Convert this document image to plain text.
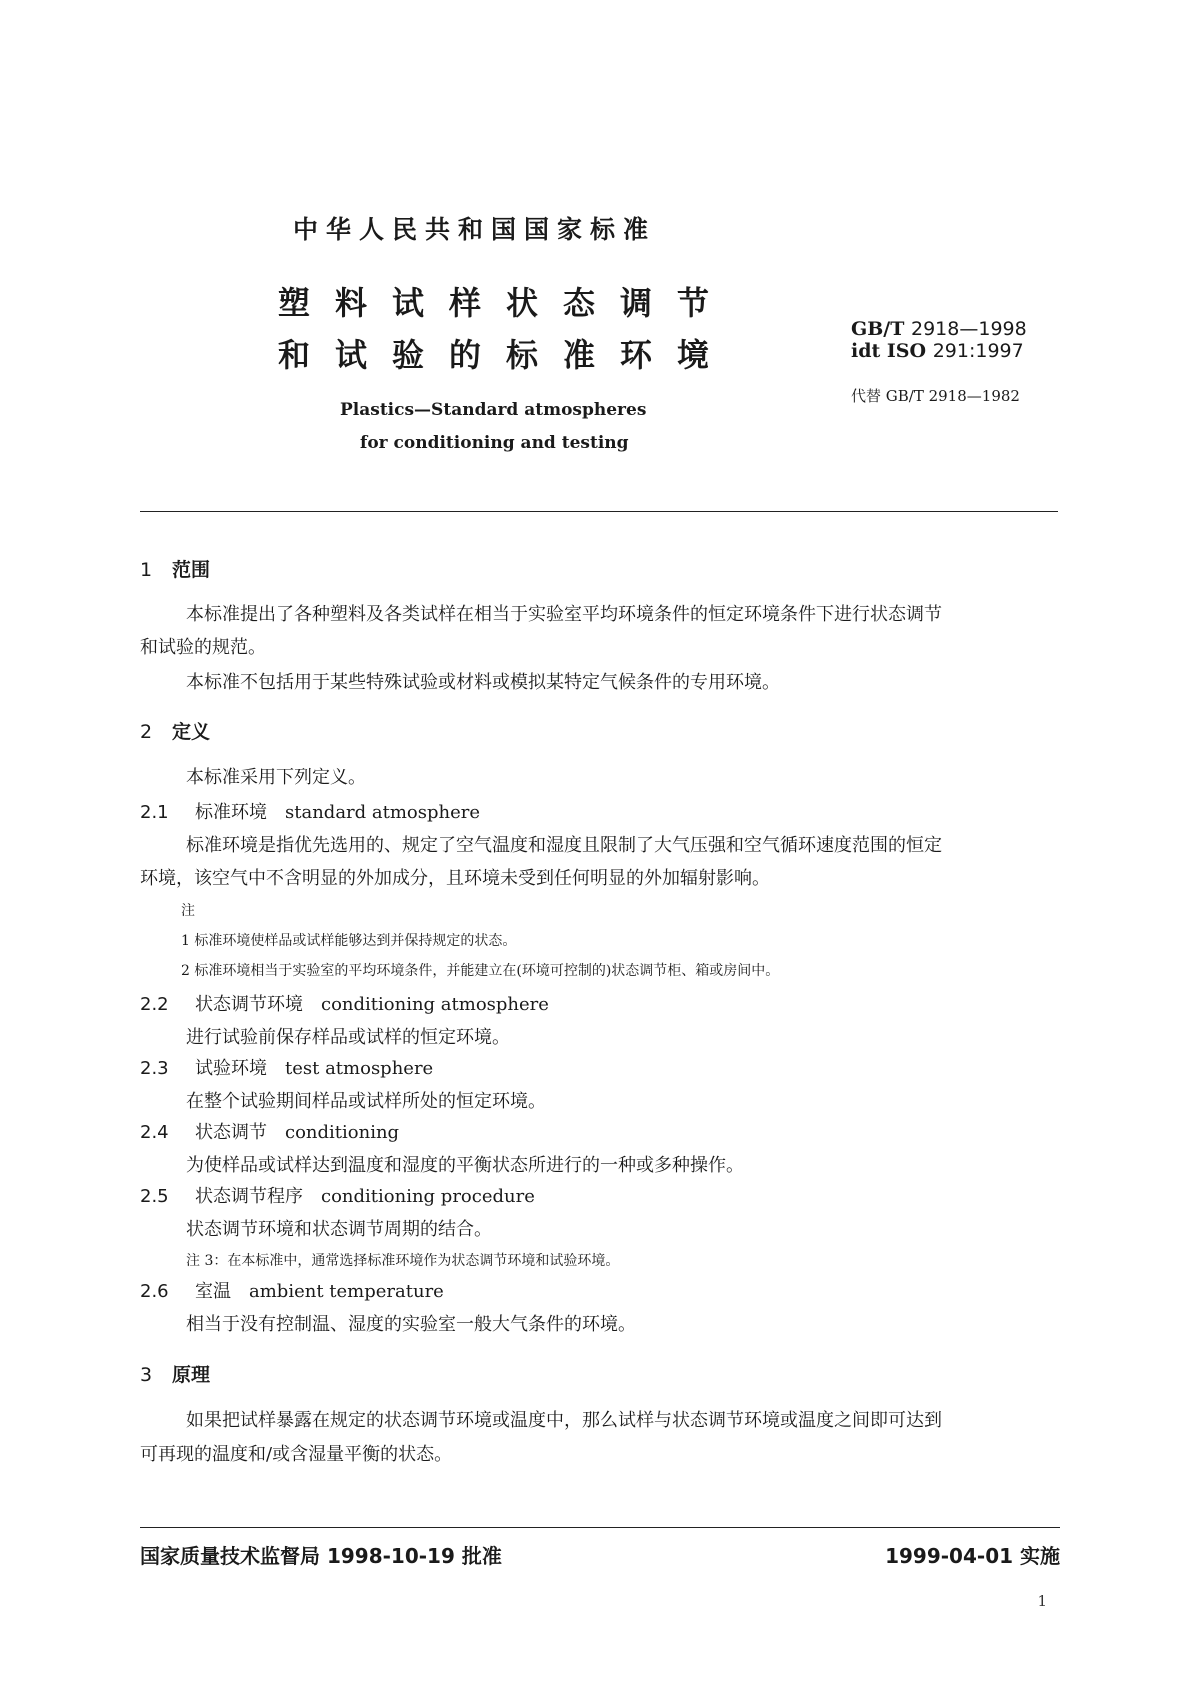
中华人民共和国国家标准
塑料试样状态调节
和试验的标准环境
GB/T 2918—1998
idt ISO 291:1997
代替 GB/T 2918—1982
Plastics—Standard atmospheres
for conditioning and testing
1 范围
本标准提出了各种塑料及各类试样在相当于实验室平均环境条件的恒定环境条件下进行状态调节
和试验的规范。
本标准不包括用于某些特殊试验或材料或模拟某特定气候条件的专用环境。
2 定义
本标准采用下列定义。
2.1 标准环境 standard atmosphere
标准环境是指优先选用的、规定了空气温度和湿度且限制了大气压强和空气循环速度范围的恒定
环境，该空气中不含明显的外加成分，且环境未受到任何明显的外加辐射影响。
注
1 标准环境使样品或试样能够达到并保持规定的状态。
2 标准环境相当于实验室的平均环境条件，并能建立在(环境可控制的)状态调节柜、箱或房间中。
2.2 状态调节环境 conditioning atmosphere
进行试验前保存样品或试样的恒定环境。
2.3 试验环境 test atmosphere
在整个试验期间样品或试样所处的恒定环境。
2.4 状态调节 conditioning
为使样品或试样达到温度和湿度的平衡状态所进行的一种或多种操作。
2.5 状态调节程序 conditioning procedure
状态调节环境和状态调节周期的结合。
注 3：在本标准中，通常选择标准环境作为状态调节环境和试验环境。
2.6 室温 ambient temperature
相当于没有控制温、湿度的实验室一般大气条件的环境。
3 原理
如果把试样暴露在规定的状态调节环境或温度中，那么试样与状态调节环境或温度之间即可达到
可再现的温度和/或含湿量平衡的状态。
国家质量技术监督局 1998-10-19 批准	1999-04-01 实施
1
